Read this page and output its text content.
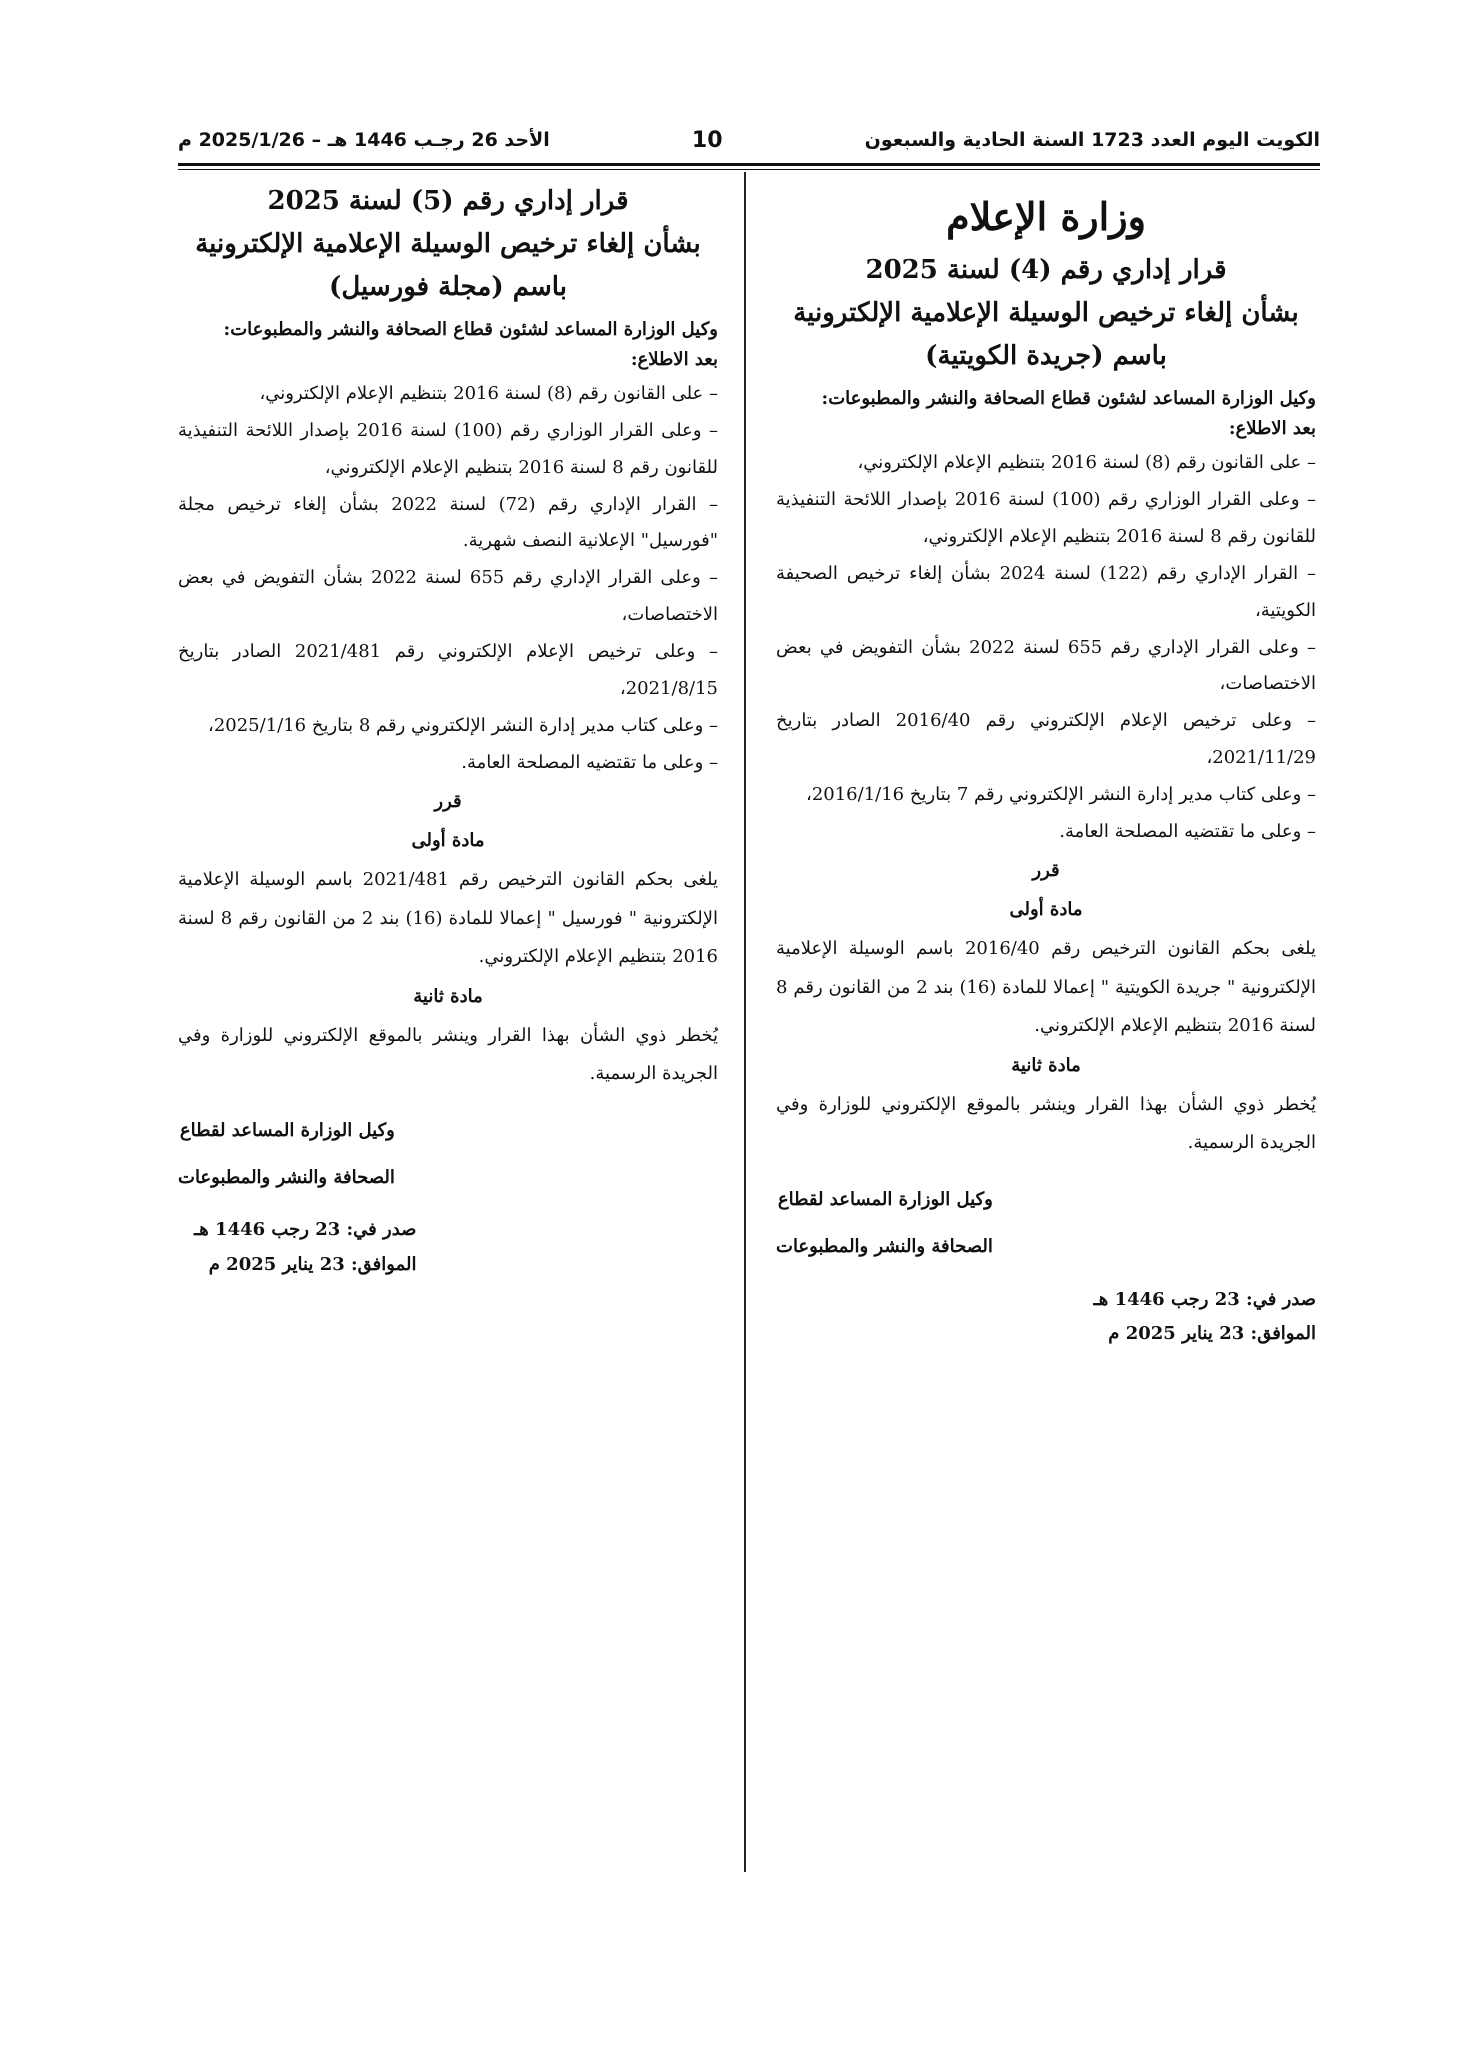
الكويت اليوم العدد 1723 السنة الحادية والسبعون
10
الأحد 26 رجـب 1446 هـ – 2025/1/26 م

وزارة الإعلام

قرار إداري رقم (4) لسنة 2025

بشأن إلغاء ترخيص الوسيلة الإعلامية الإلكترونية

باسم (جريدة الكويتية)

وكيل الوزارة المساعد لشئون قطاع الصحافة والنشر والمطبوعات:

بعد الاطلاع:

– على القانون رقم (8) لسنة 2016 بتنظيم الإعلام الإلكتروني،

– وعلى القرار الوزاري رقم (100) لسنة 2016 بإصدار اللائحة التنفيذية للقانون رقم 8 لسنة 2016 بتنظيم الإعلام الإلكتروني،

– القرار الإداري رقم (122) لسنة 2024 بشأن إلغاء ترخيص الصحيفة الكويتية،

– وعلى القرار الإداري رقم 655 لسنة 2022 بشأن التفويض في بعض الاختصاصات،

– وعلى ترخيص الإعلام الإلكتروني رقم 2016/40 الصادر بتاريخ 2021/11/29،

– وعلى كتاب مدير إدارة النشر الإلكتروني رقم 7 بتاريخ 2016/1/16،

– وعلى ما تقتضيه المصلحة العامة.

قرر

مادة أولى

يلغى بحكم القانون الترخيص رقم 2016/40 باسم الوسيلة الإعلامية الإلكترونية " جريدة الكويتية " إعمالا للمادة (16) بند 2 من القانون رقم 8 لسنة 2016 بتنظيم الإعلام الإلكتروني.

مادة ثانية

يُخطر ذوي الشأن بهذا القرار وينشر بالموقع الإلكتروني للوزارة وفي الجريدة الرسمية.

وكيل الوزارة المساعد لقطاع

الصحافة والنشر والمطبوعات

صدر في: 23 رجب 1446 هـ

الموافق: 23 يناير 2025 م

قرار إداري رقم (5) لسنة 2025

بشأن إلغاء ترخيص الوسيلة الإعلامية الإلكترونية

باسم (مجلة فورسيل)

وكيل الوزارة المساعد لشئون قطاع الصحافة والنشر والمطبوعات:

بعد الاطلاع:

– على القانون رقم (8) لسنة 2016 بتنظيم الإعلام الإلكتروني،

– وعلى القرار الوزاري رقم (100) لسنة 2016 بإصدار اللائحة التنفيذية للقانون رقم 8 لسنة 2016 بتنظيم الإعلام الإلكتروني،

– القرار الإداري رقم (72) لسنة 2022 بشأن إلغاء ترخيص مجلة "فورسيل" الإعلانية النصف شهرية.

– وعلى القرار الإداري رقم 655 لسنة 2022 بشأن التفويض في بعض الاختصاصات،

– وعلى ترخيص الإعلام الإلكتروني رقم 2021/481 الصادر بتاريخ 2021/8/15،

– وعلى كتاب مدير إدارة النشر الإلكتروني رقم 8 بتاريخ 2025/1/16،

– وعلى ما تقتضيه المصلحة العامة.

قرر

مادة أولى

يلغى بحكم القانون الترخيص رقم 2021/481 باسم الوسيلة الإعلامية الإلكترونية " فورسيل " إعمالا للمادة (16) بند 2 من القانون رقم 8 لسنة 2016 بتنظيم الإعلام الإلكتروني.

مادة ثانية

يُخطر ذوي الشأن بهذا القرار وينشر بالموقع الإلكتروني للوزارة وفي الجريدة الرسمية.

وكيل الوزارة المساعد لقطاع

الصحافة والنشر والمطبوعات

صدر في: 23 رجب 1446 هـ

الموافق: 23 يناير 2025 م
